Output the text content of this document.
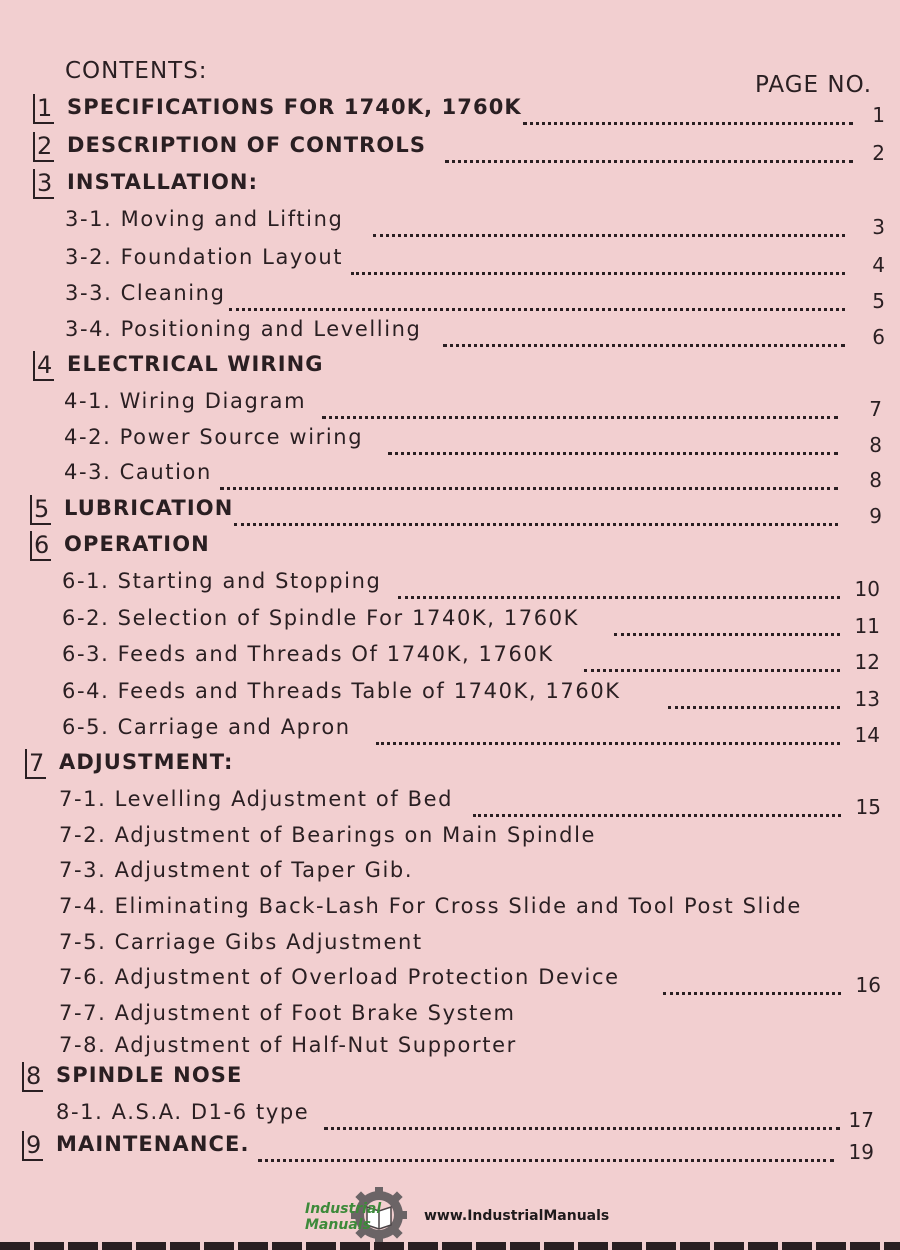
CONTENTS:
PAGE NO.
1 SPECIFICATIONS FOR 1740K, 1760K	1
2 DESCRIPTION OF CONTROLS	2
3 INSTALLATION:
3-1. Moving and Lifting	3
3-2. Foundation Layout	4
3-3. Cleaning	5
3-4. Positioning and Levelling	6
4 ELECTRICAL WIRING
4-1. Wiring Diagram	7
4-2. Power Source wiring	8
4-3. Caution	8
5 LUBRICATION	9
6 OPERATION
6-1. Starting and Stopping	10
6-2. Selection of Spindle For 1740K, 1760K	11
6-3. Feeds and Threads Of 1740K, 1760K	12
6-4. Feeds and Threads Table of 1740K, 1760K	13
6-5. Carriage and Apron	14
7 ADJUSTMENT:
7-1. Levelling Adjustment of Bed	15
7-2. Adjustment of Bearings on Main Spindle
7-3. Adjustment of Taper Gib.
7-4. Eliminating Back-Lash For Cross Slide and Tool Post Slide
7-5. Carriage Gibs Adjustment
7-6. Adjustment of Overload Protection Device	16
7-7. Adjustment of Foot Brake System
7-8. Adjustment of Half-Nut Supporter
8 SPINDLE NOSE
8-1. A.S.A. D1-6 type	17
9 MAINTENANCE.	19
Industrial
Manuals
www.IndustrialManuals
